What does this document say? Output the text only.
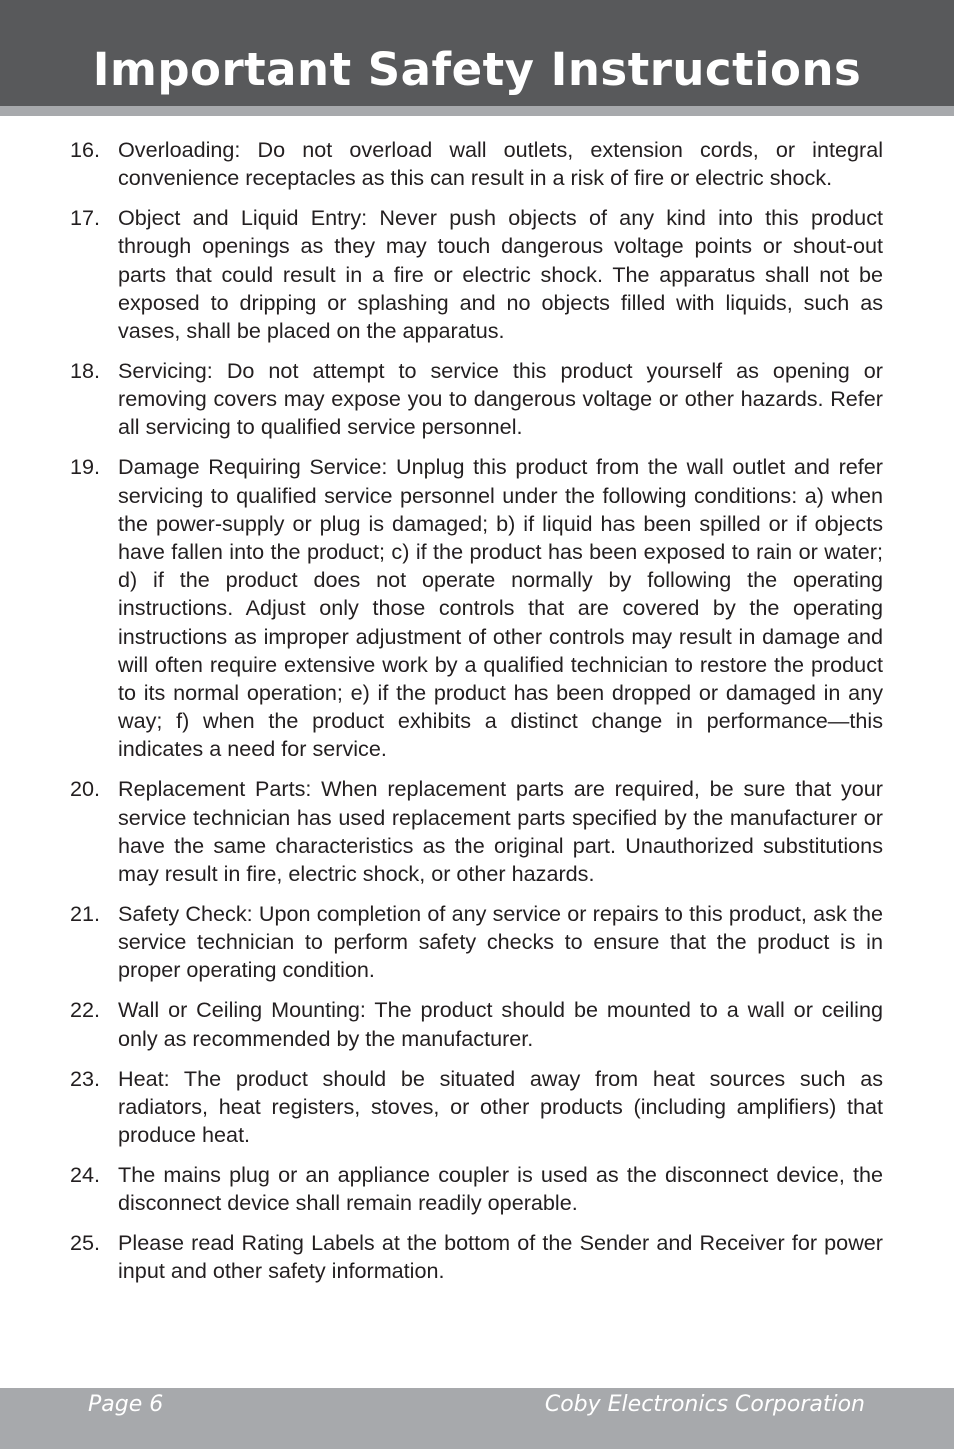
Important Safety Instructions
16. Overloading: Do not overload wall outlets, extension cords, or integral convenience receptacles as this can result in a risk of fire or electric shock.
17. Object and Liquid Entry: Never push objects of any kind into this product through openings as they may touch dangerous voltage points or shout-out parts that could result in a fire or electric shock. The apparatus shall not be exposed to dripping or splashing and no objects filled with liquids, such as vases, shall be placed on the apparatus.
18. Servicing: Do not attempt to service this product yourself as opening or removing covers may expose you to dangerous voltage or other hazards. Refer all servicing to qualified service personnel.
19. Damage Requiring Service: Unplug this product from the wall outlet and refer servicing to qualified service personnel under the following conditions: a) when the power-supply or plug is damaged; b) if liquid has been spilled or if objects have fallen into the product; c) if the product has been exposed to rain or water; d) if the product does not operate normally by following the operating instructions. Adjust only those controls that are covered by the operating instructions as improper adjustment of other controls may result in damage and will often require extensive work by a qualified technician to restore the product to its normal operation; e) if the product has been dropped or damaged in any way; f) when the product exhibits a distinct change in performance—this indicates a need for service.
20. Replacement Parts: When replacement parts are required, be sure that your service technician has used replacement parts specified by the manufacturer or have the same characteristics as the original part. Unauthorized substitutions may result in fire, electric shock, or other hazards.
21. Safety Check: Upon completion of any service or repairs to this product, ask the service technician to perform safety checks to ensure that the product is in proper operating condition.
22. Wall or Ceiling Mounting: The product should be mounted to a wall or ceiling only as recommended by the manufacturer.
23. Heat: The product should be situated away from heat sources such as radiators, heat registers, stoves, or other products (including amplifiers) that produce heat.
24. The mains plug or an appliance coupler is used as the disconnect device, the disconnect device shall remain readily operable.
25. Please read Rating Labels at the bottom of the Sender and Receiver for power input and other safety information.
Page 6	Coby Electronics Corporation
